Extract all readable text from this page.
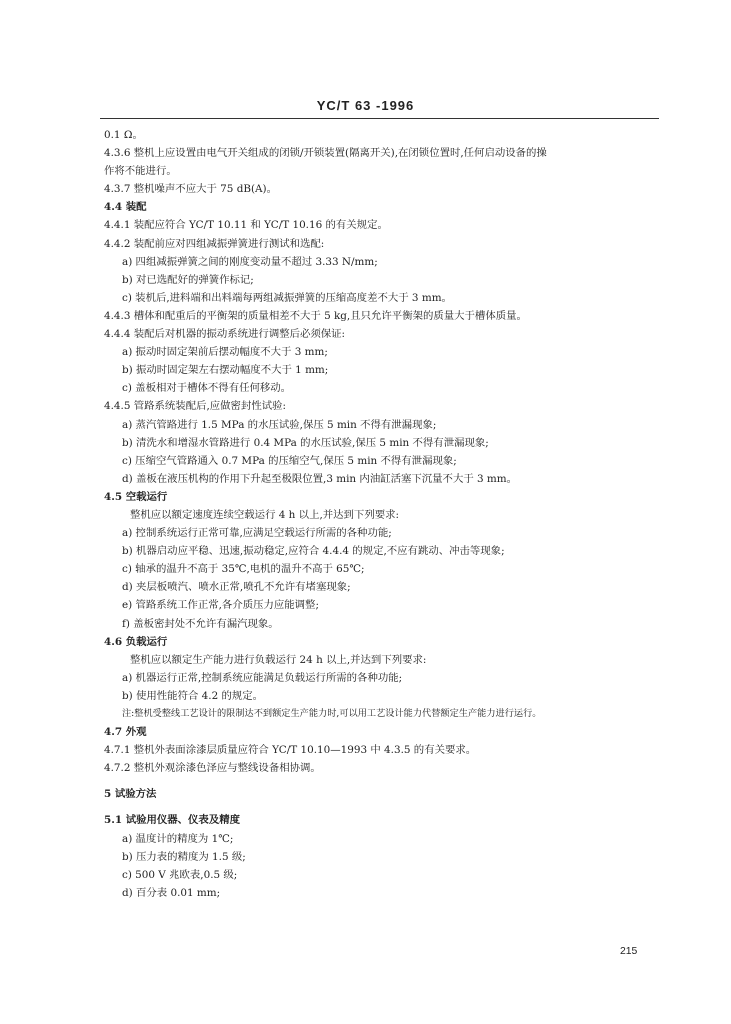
YC/T 63 -1996
0.1 Ω。
4.3.6 整机上应设置由电气开关组成的闭锁/开锁装置(隔离开关),在闭锁位置时,任何启动设备的操
作将不能进行。
4.3.7 整机噪声不应大于 75 dB(A)。
4.4 装配
4.4.1 装配应符合 YC/T 10.11 和 YC/T 10.16 的有关规定。
4.4.2 装配前应对四组减振弹簧进行测试和选配:
a) 四组减振弹簧之间的刚度变动量不超过 3.33 N/mm;
b) 对已选配好的弹簧作标记;
c) 装机后,进料端和出料端每两组减振弹簧的压缩高度差不大于 3 mm。
4.4.3 槽体和配重后的平衡架的质量相差不大于 5 kg,且只允许平衡架的质量大于槽体质量。
4.4.4 装配后对机器的振动系统进行调整后必须保证:
a) 振动时固定架前后摆动幅度不大于 3 mm;
b) 振动时固定架左右摆动幅度不大于 1 mm;
c) 盖板相对于槽体不得有任何移动。
4.4.5 管路系统装配后,应做密封性试验:
a) 蒸汽管路进行 1.5 MPa 的水压试验,保压 5 min 不得有泄漏现象;
b) 清洗水和增湿水管路进行 0.4 MPa 的水压试验,保压 5 min 不得有泄漏现象;
c) 压缩空气管路通入 0.7 MPa 的压缩空气,保压 5 min 不得有泄漏现象;
d) 盖板在液压机构的作用下升起至极限位置,3 min 内油缸活塞下沉量不大于 3 mm。
4.5 空载运行
整机应以额定速度连续空载运行 4 h 以上,并达到下列要求:
a) 控制系统运行正常可靠,应满足空载运行所需的各种功能;
b) 机器启动应平稳、迅速,振动稳定,应符合 4.4.4 的规定,不应有跳动、冲击等现象;
c) 轴承的温升不高于 35℃,电机的温升不高于 65℃;
d) 夹层板喷汽、喷水正常,喷孔不允许有堵塞现象;
e) 管路系统工作正常,各介质压力应能调整;
f) 盖板密封处不允许有漏汽现象。
4.6 负载运行
整机应以额定生产能力进行负载运行 24 h 以上,并达到下列要求:
a) 机器运行正常,控制系统应能满足负载运行所需的各种功能;
b) 使用性能符合 4.2 的规定。
注:整机受整线工艺设计的限制达不到额定生产能力时,可以用工艺设计能力代替额定生产能力进行运行。
4.7 外观
4.7.1 整机外表面涂漆层质量应符合 YC/T 10.10—1993 中 4.3.5 的有关要求。
4.7.2 整机外观涂漆色泽应与整线设备相协调。
5 试验方法
5.1 试验用仪器、仪表及精度
a) 温度计的精度为 1℃;
b) 压力表的精度为 1.5 级;
c) 500 V 兆欧表,0.5 级;
d) 百分表 0.01 mm;
215
